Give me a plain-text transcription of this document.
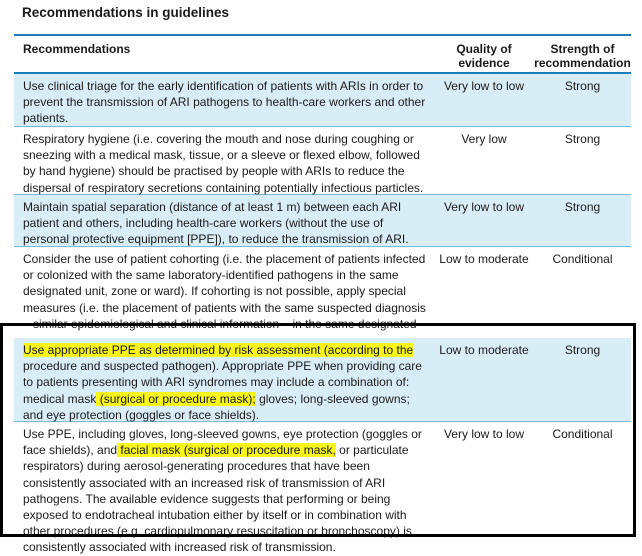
Recommendations in guidelines
Recommendations	Quality of evidence
Strength of recommendation
Use clinical triage for the early identification of patients with ARIs in order to prevent the transmission of ARI pathogens to health-care workers and other patients.
Very low to low	Strong
Respiratory hygiene (i.e. covering the mouth and nose during coughing or sneezing with a medical mask, tissue, or a sleeve or flexed elbow, followed by hand hygiene) should be practised by people with ARIs to reduce the dispersal of respiratory secretions containing potentially infectious particles.
Very low	Strong
Maintain spatial separation (distance of at least 1 m) between each ARI patient and others, including health-care workers (without the use of personal protective equipment [PPE]), to reduce the transmission of ARI.
Very low to low	Strong
Consider the use of patient cohorting (i.e. the placement of patients infected or colonized with the same laboratory-identified pathogens in the same designated unit, zone or ward). If cohorting is not possible, apply special measures (i.e. the placement of patients with the same suspected diagnosis – similar epidemiological and clinical information – in the same designated
Low to moderate	Conditional
Use appropriate PPE as determined by risk assessment (according to the procedure and suspected pathogen). Appropriate PPE when providing care to patients presenting with ARI syndromes may include a combination of: medical mask (surgical or procedure mask); gloves; long-sleeved gowns; and eye protection (goggles or face shields).
Low to moderate	Strong
Use PPE, including gloves, long-sleeved gowns, eye protection (goggles or face shields), and facial mask (surgical or procedure mask, or particulate respirators) during aerosol-generating procedures that have been consistently associated with an increased risk of transmission of ARI pathogens. The available evidence suggests that performing or being exposed to endotracheal intubation either by itself or in combination with other procedures (e.g. cardiopulmonary resuscitation or bronchoscopy) is consistently associated with increased risk of transmission.
Very low to low	Conditional
